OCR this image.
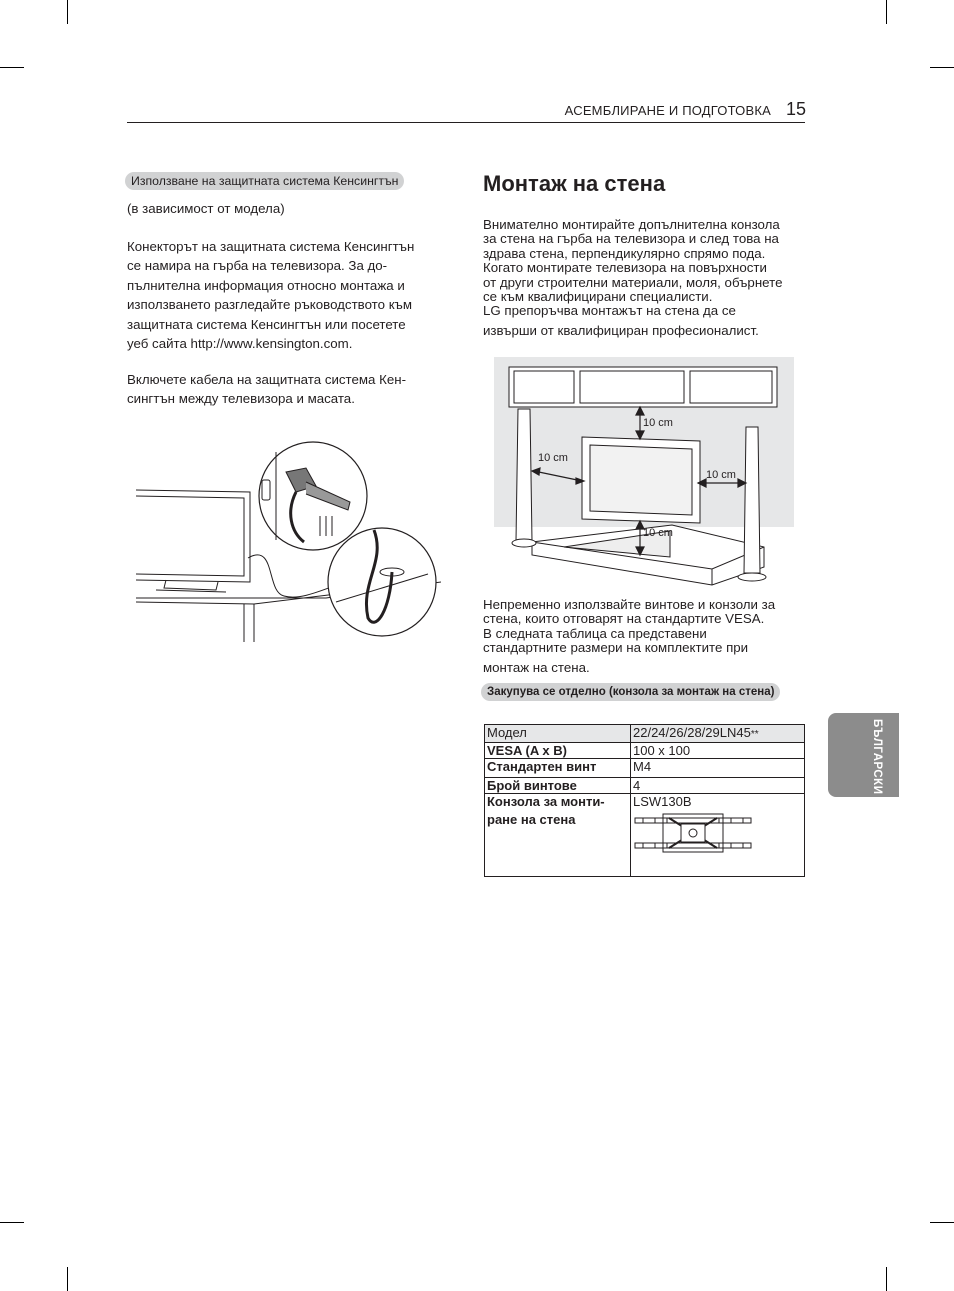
АСЕМБЛИРАНЕ И ПОДГОТОВКА 15
Използване на защитната система Кенсингтън
(в зависимост от модела)

Конекторът на защитната система Кенсингтън

се намира на гърба на телевизора. За до-

пълнителна информация относно монтажа и

използването разгледайте ръководството към

защитната система Кенсингтън или посетете

уеб сайта http://www.kensington.com.

Включете кабела на защитната система Кен-

сингтън между телевизора и масата.

Монтаж на стена

Внимателно монтирайте допълнителна конзола

за стена на гърба на телевизора и след това на

здрава стена, перпендикулярно спрямо пода.

Когато монтирате телевизора на повърхности

от други строителни материали, моля, обърнете

се към квалифицирани специалисти.

LG препоръчва монтажът на стена да се

извърши от квалифициран професионалист.

10 cm
10 cm
10 cm
10 cm

Непременно използвайте винтове и конзоли за

стена, които отговарят на стандартите VESA.

В следната таблица са представени

стандартните размери на комплектите при

монтаж на стена.

Закупува се отделно (конзола за монтаж на стена)
Модел	22/24/26/28/29LN45**
VESA (A x B)	100 x 100
Стандартен винт	M4
Брой винтове	4

Конзола за монти-
ране на стена	LSW130B
БЪЛГАРСКИ
